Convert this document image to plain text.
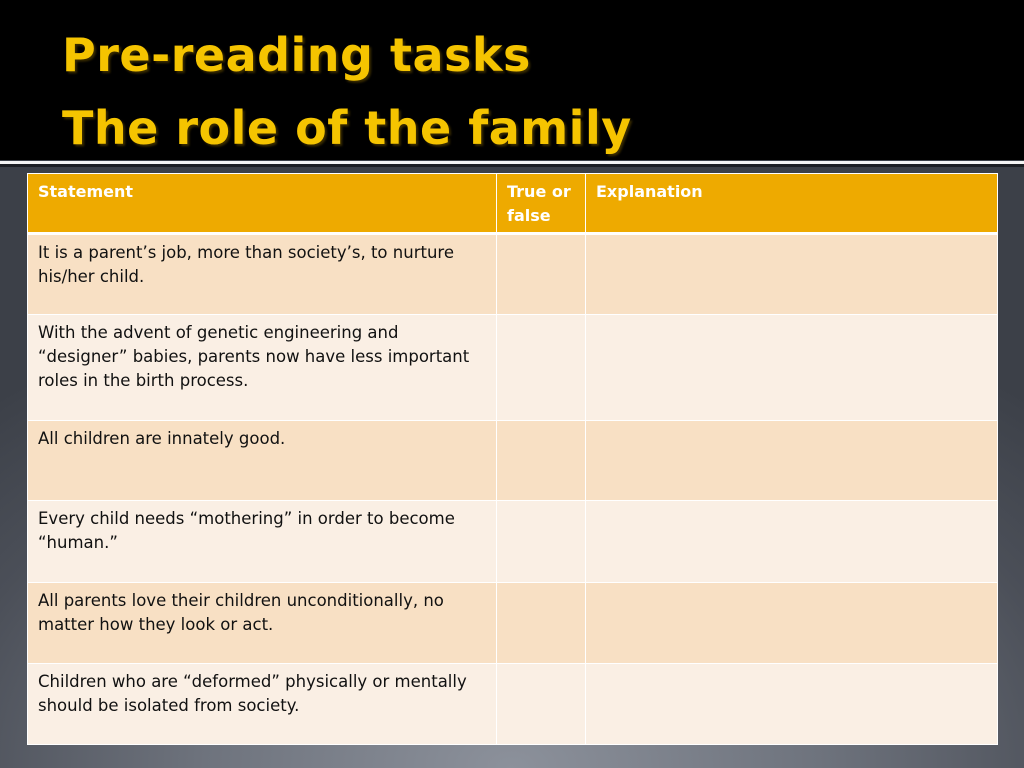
Pre-reading tasks
The role of the family
Statement	True or false	Explanation
It is a parent’s job, more than society’s, to nurture his/her child.		
With the advent of genetic engineering and “designer” babies, parents now have less important roles in the birth process.		
All children are innately good.		
Every child needs “mothering” in order to become “human.”		
All parents love their children unconditionally, no matter how they look or act.		
Children who are “deformed” physically or mentally should be isolated from society.		
